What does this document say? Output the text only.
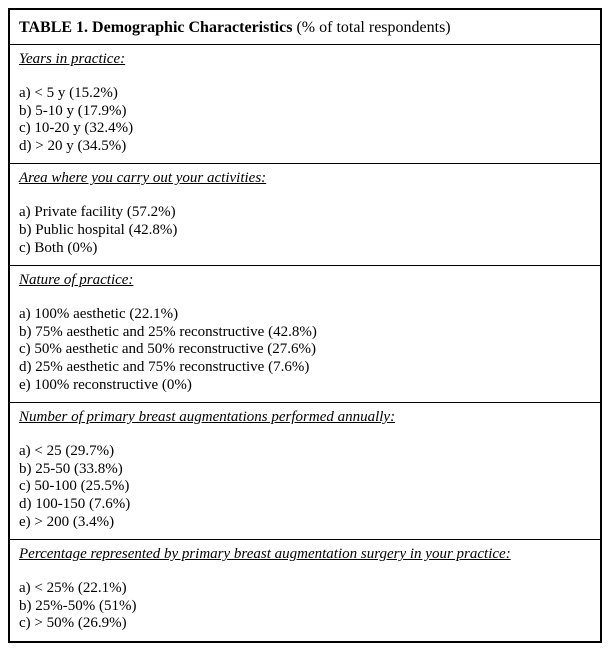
TABLE 1. Demographic Characteristics (% of total respondents)
Years in practice:
a) < 5 y (15.2%)
b) 5-10 y (17.9%)
c) 10-20 y (32.4%)
d) > 20 y (34.5%)
Area where you carry out your activities:
a) Private facility (57.2%)
b) Public hospital (42.8%)
c) Both (0%)
Nature of practice:
a) 100% aesthetic (22.1%)
b) 75% aesthetic and 25% reconstructive (42.8%)
c) 50% aesthetic and 50% reconstructive (27.6%)
d) 25% aesthetic and 75% reconstructive (7.6%)
e) 100% reconstructive (0%)
Number of primary breast augmentations performed annually:
a) < 25 (29.7%)
b) 25-50 (33.8%)
c) 50-100 (25.5%)
d) 100-150 (7.6%)
e) > 200 (3.4%)
Percentage represented by primary breast augmentation surgery in your practice:
a) < 25% (22.1%)
b) 25%-50% (51%)
c) > 50% (26.9%)
